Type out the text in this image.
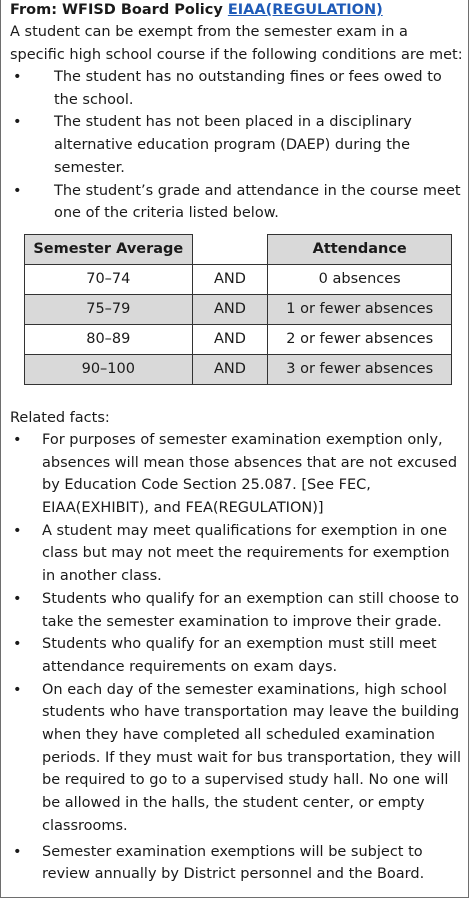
From: WFISD Board Policy EIAA(REGULATION)
A student can be exempt from the semester exam in a specific high school course if the following conditions are met:
• The student has no outstanding fines or fees owed to the school.
• The student has not been placed in a disciplinary alternative education program (DAEP) during the semester.
• The student’s grade and attendance in the course meet one of the criteria listed below.
Semester Average		Attendance
70–74	AND	0 absences
75–79	AND	1 or fewer absences
80–89	AND	2 or fewer absences
90–100	AND	3 or fewer absences
Related facts:
• For purposes of semester examination exemption only, absences will mean those absences that are not excused by Education Code Section 25.087. [See FEC, EIAA(EXHIBIT), and FEA(REGULATION)]
• A student may meet qualifications for exemption in one class but may not meet the requirements for exemption in another class.
• Students who qualify for an exemption can still choose to take the semester examination to improve their grade.
• Students who qualify for an exemption must still meet attendance requirements on exam days.
• On each day of the semester examinations, high school students who have transportation may leave the building when they have completed all scheduled examination periods. If they must wait for bus transportation, they will be required to go to a supervised study hall. No one will be allowed in the halls, the student center, or empty classrooms.
• Semester examination exemptions will be subject to review annually by District personnel and the Board.
